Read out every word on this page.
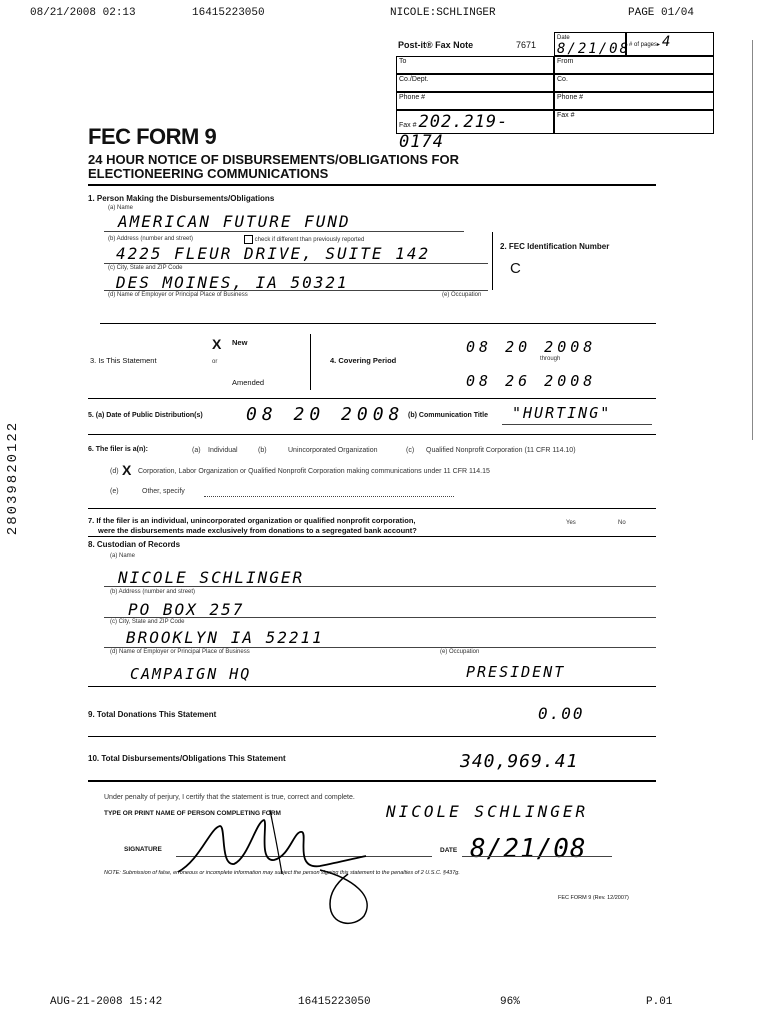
08/21/2008 02:13	16415223050	NICOLE:SCHLINGER	PAGE 01/04
Post-it® Fax Note	7671
Date 8/21/08
# of pages▸ 4
To	From
Co./Dept.	Co.
Phone #	Phone #
Fax # 202.219-0174
Fax #
FEC FORM 9
24 HOUR NOTICE OF DISBURSEMENTS/OBLIGATIONS FOR
ELECTIONEERING COMMUNICATIONS
1. Person Making the Disbursements/Obligations
(a) Name
AMERICAN FUTURE FUND
(b) Address (number and street)	check if different than previously reported
4225 FLEUR DRIVE, SUITE 142
(c) City, State and ZIP Code
DES MOINES, IA 50321
(d) Name of Employer or Principal Place of Business	(e) Occupation
2. FEC Identification Number
C
X New
3. Is This Statement	or
Amended
4. Covering Period
08 20 2008
through
08 26 2008
5. (a) Date of Public Distribution(s) 08 20 2008 (b) Communication Title "HURTING"
6. The filer is a(n):	(a) Individual	(b)	Unincorporated Organization	(c) Qualified Nonprofit Corporation (11 CFR 114.10)
(d) X Corporation, Labor Organization or Qualified Nonprofit Corporation making communications under 11 CFR 114.15
(e)	Other, specify
7. If the filer is an individual, unincorporated organization or qualified nonprofit corporation,
were the disbursements made exclusively from donations to a segregated bank account?
Yes	No
8. Custodian of Records
(a) Name
NICOLE SCHLINGER
(b) Address (number and street)
PO BOX 257
(c) City, State and ZIP Code
BROOKLYN IA 52211
(d) Name of Employer or Principal Place of Business	(e) Occupation
CAMPAIGN HQ	PRESIDENT
9. Total Donations This Statement	0.00
10. Total Disbursements/Obligations This Statement	340,969.41
Under penalty of perjury, I certify that the statement is true, correct and complete.
TYPE OR PRINT NAME OF PERSON COMPLETING FORM	NICOLE SCHLINGER
SIGNATURE	DATE 8/21/08
NOTE: Submission of false, erroneous or incomplete information may subject the person signing this statement to the penalties of 2 U.S.C. §437g.
FEC FORM 9 (Rev. 12/2007)
28039820122
AUG-21-2008 15:42	16415223050	96%	P.01
